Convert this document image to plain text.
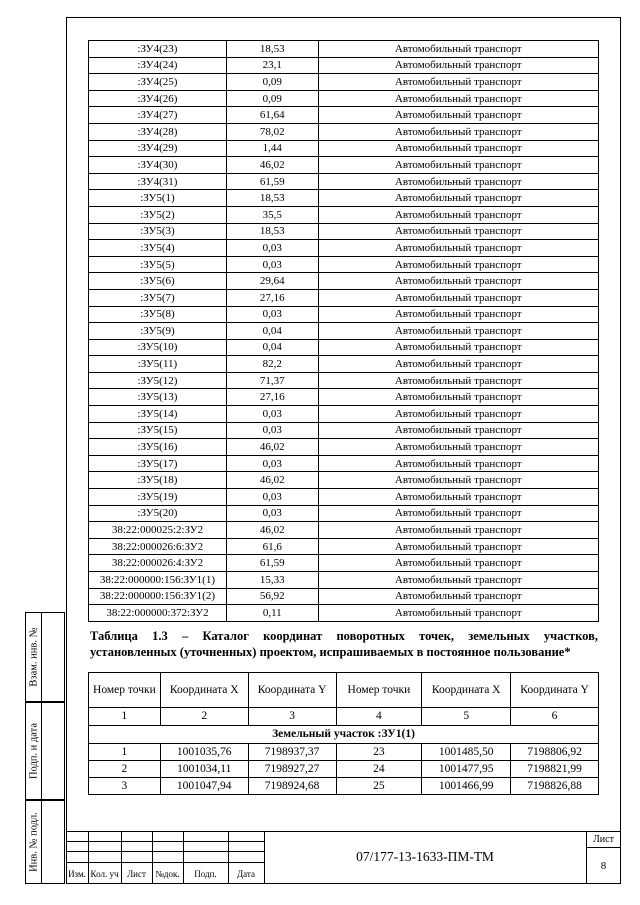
:ЗУ4(23)	18,53	Автомобильный транспорт
:ЗУ4(24)	23,1	Автомобильный транспорт
:ЗУ4(25)	0,09	Автомобильный транспорт
:ЗУ4(26)	0,09	Автомобильный транспорт
:ЗУ4(27)	61,64	Автомобильный транспорт
:ЗУ4(28)	78,02	Автомобильный транспорт
:ЗУ4(29)	1,44	Автомобильный транспорт
:ЗУ4(30)	46,02	Автомобильный транспорт
:ЗУ4(31)	61,59	Автомобильный транспорт
:ЗУ5(1)	18,53	Автомобильный транспорт
:ЗУ5(2)	35,5	Автомобильный транспорт
:ЗУ5(3)	18,53	Автомобильный транспорт
:ЗУ5(4)	0,03	Автомобильный транспорт
:ЗУ5(5)	0,03	Автомобильный транспорт
:ЗУ5(6)	29,64	Автомобильный транспорт
:ЗУ5(7)	27,16	Автомобильный транспорт
:ЗУ5(8)	0,03	Автомобильный транспорт
:ЗУ5(9)	0,04	Автомобильный транспорт
:ЗУ5(10)	0,04	Автомобильный транспорт
:ЗУ5(11)	82,2	Автомобильный транспорт
:ЗУ5(12)	71,37	Автомобильный транспорт
:ЗУ5(13)	27,16	Автомобильный транспорт
:ЗУ5(14)	0,03	Автомобильный транспорт
:ЗУ5(15)	0,03	Автомобильный транспорт
:ЗУ5(16)	46,02	Автомобильный транспорт
:ЗУ5(17)	0,03	Автомобильный транспорт
:ЗУ5(18)	46,02	Автомобильный транспорт
:ЗУ5(19)	0,03	Автомобильный транспорт
:ЗУ5(20)	0,03	Автомобильный транспорт
38:22:000025:2:ЗУ2	46,02	Автомобильный транспорт
38:22:000026:6:ЗУ2	61,6	Автомобильный транспорт
38:22:000026:4:ЗУ2	61,59	Автомобильный транспорт
38:22:000000:156:ЗУ1(1)	15,33	Автомобильный транспорт
38:22:000000:156:ЗУ1(2)	56,92	Автомобильный транспорт
38:22:000000:372:ЗУ2	0,11	Автомобильный транспорт
Таблица 1.3 – Каталог координат поворотных точек, земельных участков, установленных (уточненных) проектом, испрашиваемых в постоянное пользование*
Номер точки	Координата X	Координата Y	Номер точки	Координата X	Координата Y
1	2	3	4	5	6
Земельный участок :ЗУ1(1)					
1	1001035,76	7198937,37	23	1001485,50	7198806,92
2	1001034,11	7198927,27	24	1001477,95	7198821,99
3	1001047,94	7198924,68	25	1001466,99	7198826,88
Взам. инв. №
Подп. и дата
Инв. № подл.
Изм. Кол. уч Лист	№док.	Подп.	Дата
07/177-13-1633-ПМ-ТМ
Лист
8
